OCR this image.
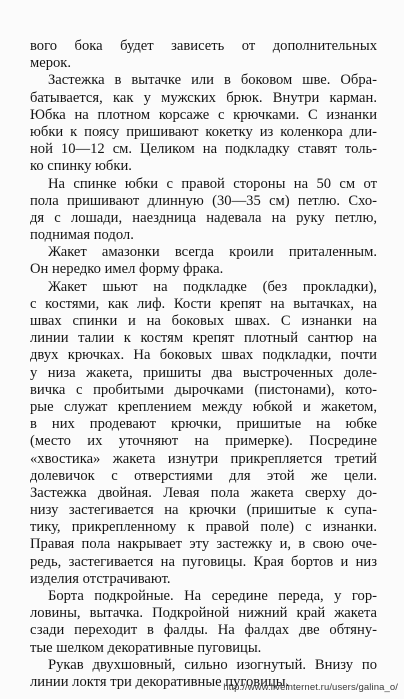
вого бока будет зависеть от дополнительных
мерок.
Застежка в вытачке или в боковом шве. Обра-
батывается, как у мужских брюк. Внутри карман.
Юбка на плотном корсаже с крючками. С изнанки
юбки к поясу пришивают кокетку из коленкора дли-
ной 10—12 см. Целиком на подкладку ставят толь-
ко спинку юбки.
На спинке юбки с правой стороны на 50 см от
пола пришивают длинную (30—35 см) петлю. Схо-
дя с лошади, наездница надевала на руку петлю,
поднимая подол.
Жакет амазонки всегда кроили приталенным.
Он нередко имел форму фрака.
Жакет шьют на подкладке (без прокладки),
с костями, как лиф. Кости крепят на вытачках, на
швах спинки и на боковых швах. С изнанки на
линии талии к костям крепят плотный сантюр на
двух крючках. На боковых швах подкладки, почти
у низа жакета, пришиты два выстроченных доле-
вичка с пробитыми дырочками (пистонами), кото-
рые служат креплением между юбкой и жакетом,
в них продевают крючки, пришитые на юбке
(место их уточняют на примерке). Посредине
«хвостика» жакета изнутри прикрепляется третий
долевичок с отверстиями для этой же цели.
Застежка двойная. Левая пола жакета сверху до-
низу застегивается на крючки (пришитые к супа-
тику, прикрепленному к правой поле) с изнанки.
Правая пола накрывает эту застежку и, в свою оче-
редь, застегивается на пуговицы. Края бортов и низ
изделия отстрачивают.
Борта подкройные. На середине переда, у гор-
ловины, вытачка. Подкройной нижний край жакета
сзади переходит в фалды. На фалдах две обтяну-
тые шелком декоративные пуговицы.
Рукав двухшовный, сильно изогнутый. Внизу по
линии локтя три декоративные пуговицы.
http://www.liveinternet.ru/users/galina_o/
